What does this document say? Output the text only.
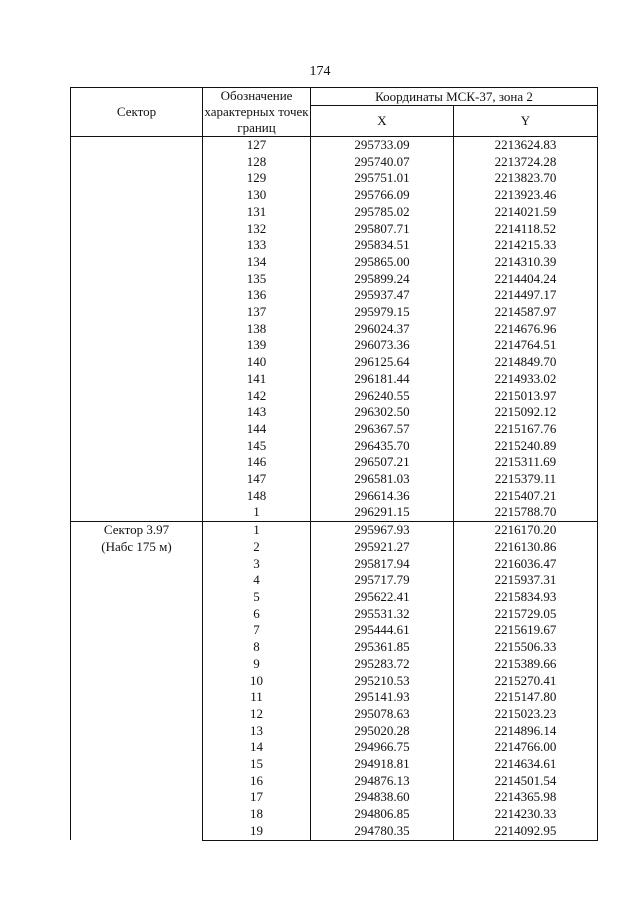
174
Сектор	Обозначение характерных точек границ	Координаты МСК-37, зона 2	
		X	Y
	127	295733.09	2213624.83
	128	295740.07	2213724.28
	129	295751.01	2213823.70
	130	295766.09	2213923.46
	131	295785.02	2214021.59
	132	295807.71	2214118.52
	133	295834.51	2214215.33
	134	295865.00	2214310.39
	135	295899.24	2214404.24
	136	295937.47	2214497.17
	137	295979.15	2214587.97
	138	296024.37	2214676.96
	139	296073.36	2214764.51
	140	296125.64	2214849.70
	141	296181.44	2214933.02
	142	296240.55	2215013.97
	143	296302.50	2215092.12
	144	296367.57	2215167.76
	145	296435.70	2215240.89
	146	296507.21	2215311.69
	147	296581.03	2215379.11
	148	296614.36	2215407.21
	1	296291.15	2215788.70

Сектор 3.97
(Набс 175 м)	1	295967.93	2216170.20
	2	295921.27	2216130.86
	3	295817.94	2216036.47
	4	295717.79	2215937.31
	5	295622.41	2215834.93
	6	295531.32	2215729.05
	7	295444.61	2215619.67
	8	295361.85	2215506.33
	9	295283.72	2215389.66
	10	295210.53	2215270.41
	11	295141.93	2215147.80
	12	295078.63	2215023.23
	13	295020.28	2214896.14
	14	294966.75	2214766.00
	15	294918.81	2214634.61
	16	294876.13	2214501.54
	17	294838.60	2214365.98
	18	294806.85	2214230.33
	19	294780.35	2214092.95
